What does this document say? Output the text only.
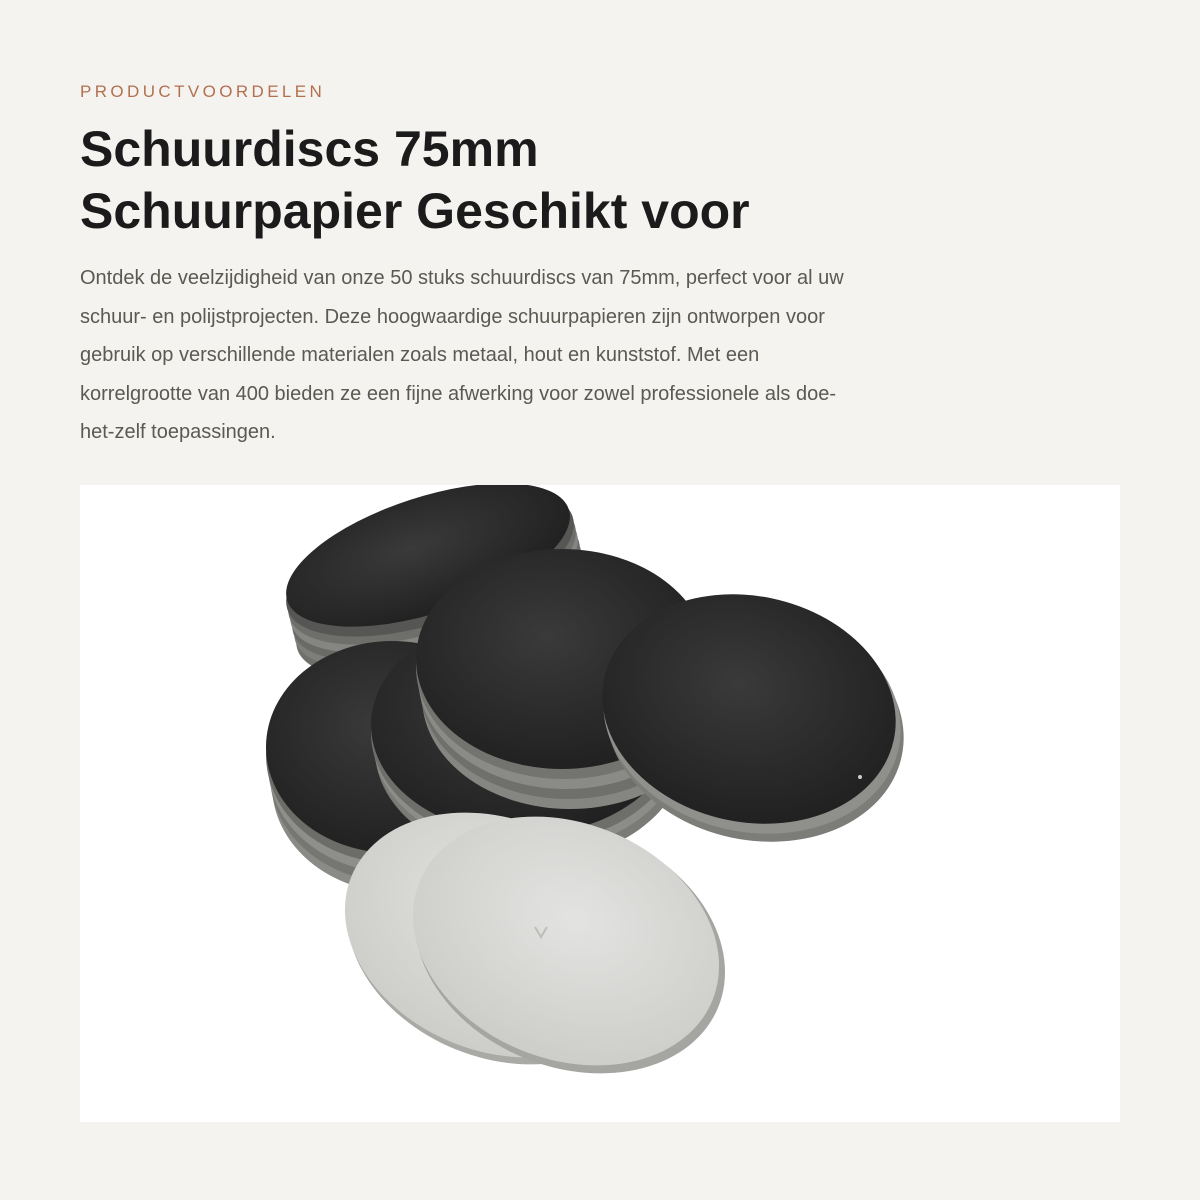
PRODUCTVOORDELEN

Schuurdiscs 75mm
Schuurpapier Geschikt voor

Ontdek de veelzijdigheid van onze 50 stuks schuurdiscs van 75mm, perfect voor al uw
schuur- en polijstprojecten. Deze hoogwaardige schuurpapieren zijn ontworpen voor
gebruik op verschillende materialen zoals metaal, hout en kunststof. Met een
korrelgrootte van 400 bieden ze een fijne afwerking voor zowel professionele als doe-
het-zelf toepassingen.
